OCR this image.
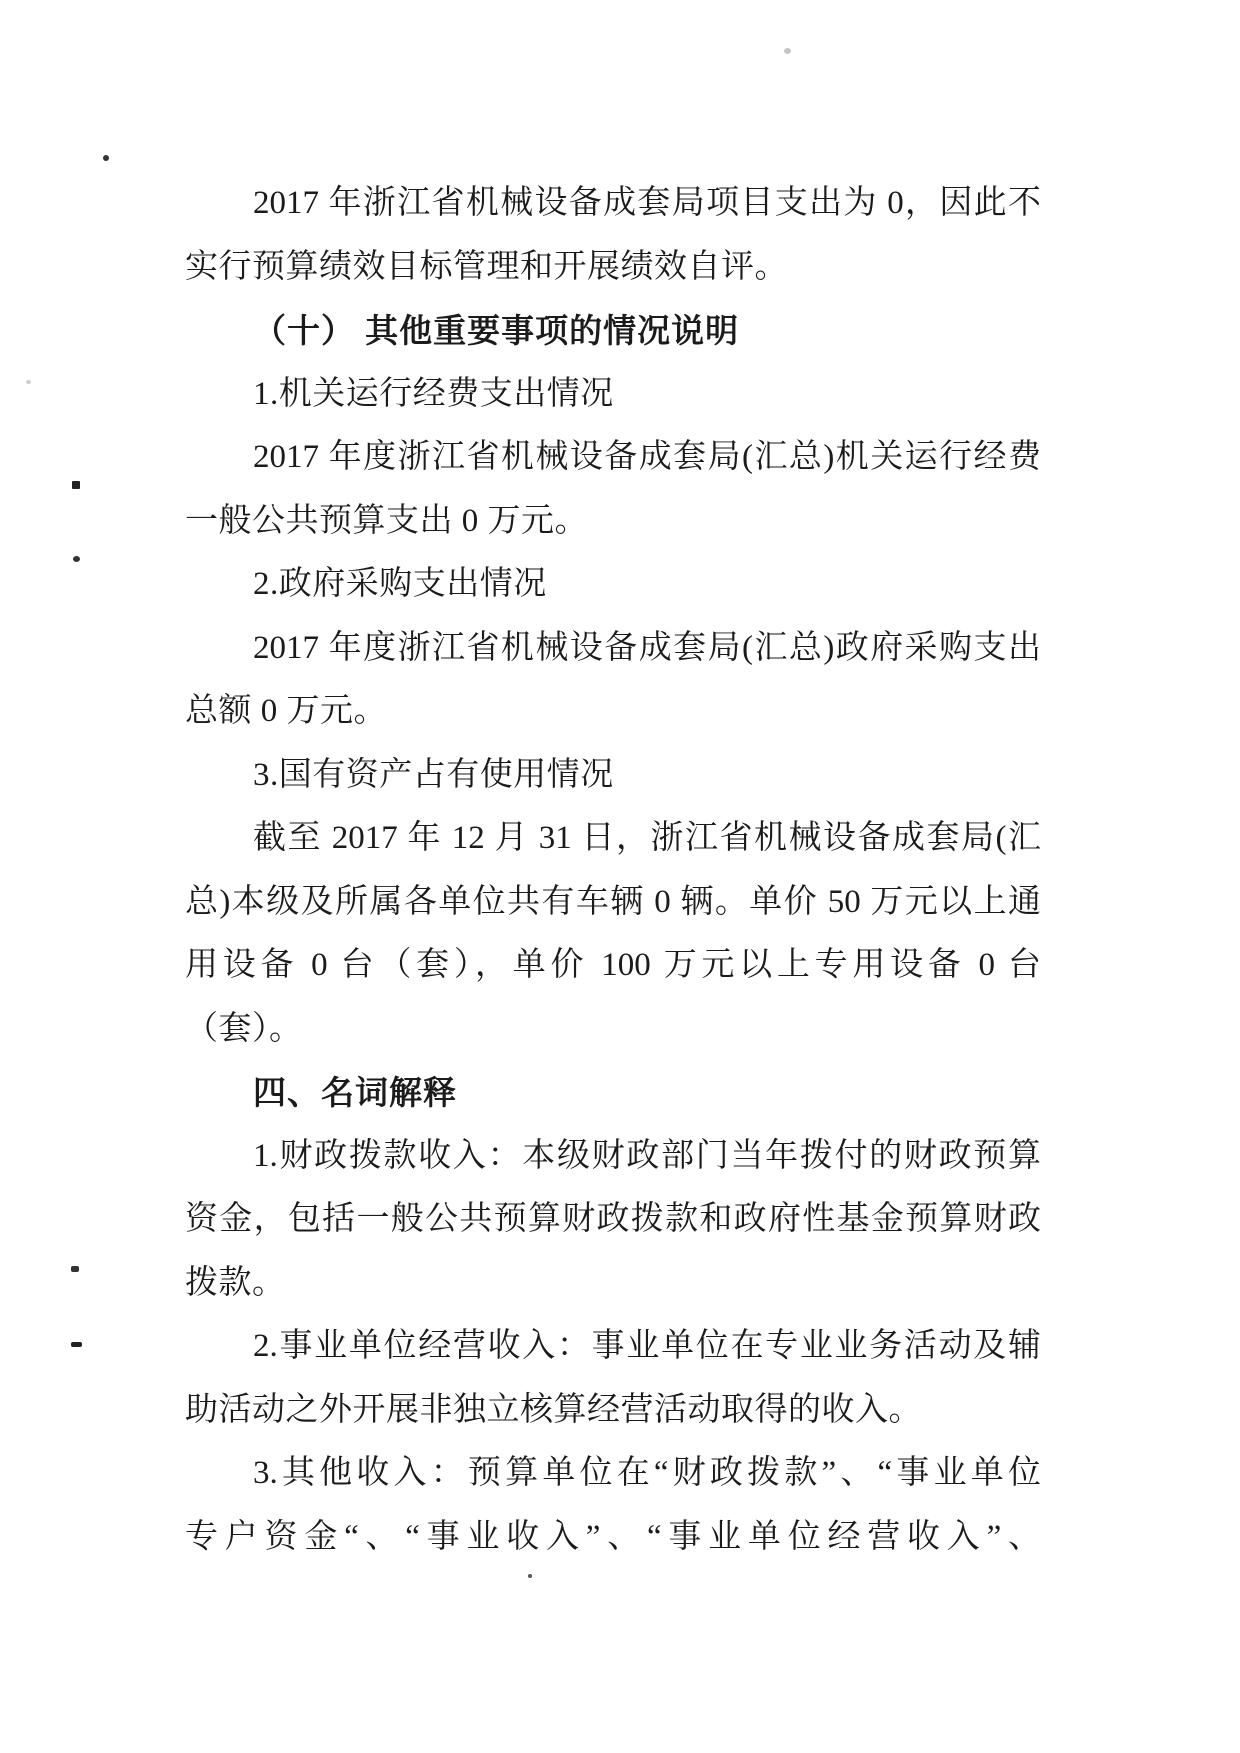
2017 年浙江省机械设备成套局项目支出为 0，因此不
实行预算绩效目标管理和开展绩效自评。
（十） 其他重要事项的情况说明
1.机关运行经费支出情况
2017 年度浙江省机械设备成套局(汇总)机关运行经费
一般公共预算支出 0 万元。
2.政府采购支出情况
2017 年度浙江省机械设备成套局(汇总)政府采购支出
总额 0 万元。
3.国有资产占有使用情况
截至 2017 年 12 月 31 日，浙江省机械设备成套局(汇
总)本级及所属各单位共有车辆 0 辆。单价 50 万元以上通
用设备 0 台（套），单价 100 万元以上专用设备 0 台
（套）。
四、名词解释
1.财政拨款收入：本级财政部门当年拨付的财政预算
资金，包括一般公共预算财政拨款和政府性基金预算财政
拨款。
2.事业单位经营收入：事业单位在专业业务活动及辅
助活动之外开展非独立核算经营活动取得的收入。
3.其他收入：预算单位在“财政拨款”、“事业单位
专户资金“、“事业收入”、“事业单位经营收入”、
